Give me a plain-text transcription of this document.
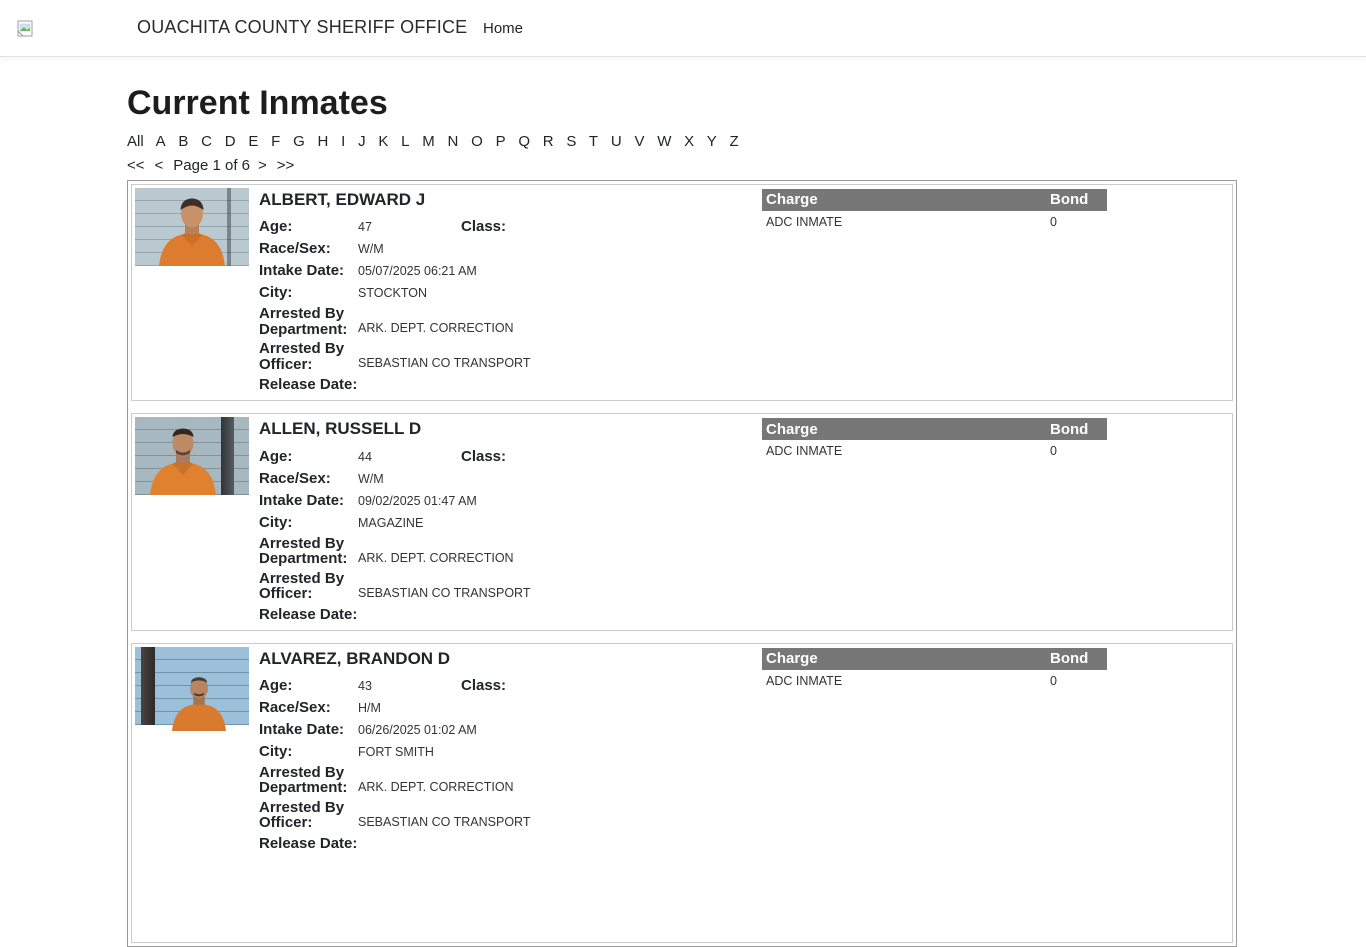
OUACHITA COUNTY SHERIFF OFFICE Home
Current Inmates
All A B C D E F G H I J K L M N O P Q R S T U V W X Y Z
<< < Page 1 of 6 > >>
ALBERT, EDWARD J
Age:	47	Class:
Race/Sex:	W/M
Intake Date:	05/07/2025 06:21 AM
City:	STOCKTON
Arrested By
Department: ARK. DEPT. CORRECTION
Arrested By
Officer:	SEBASTIAN CO TRANSPORT
Release Date:
Charge	Bond
ADC INMATE	0
ALLEN, RUSSELL D
Age:	44	Class:
Race/Sex:	W/M
Intake Date:	09/02/2025 01:47 AM
City:	MAGAZINE
Arrested By
Department: ARK. DEPT. CORRECTION
Arrested By
Officer:	SEBASTIAN CO TRANSPORT
Release Date:
Charge	Bond
ADC INMATE	0
ALVAREZ, BRANDON D
Age:	43	Class:
Race/Sex:	H/M
Intake Date:	06/26/2025 01:02 AM
City:	FORT SMITH
Arrested By
Department: ARK. DEPT. CORRECTION
Arrested By
Officer:	SEBASTIAN CO TRANSPORT
Release Date:
Charge	Bond
ADC INMATE	0
